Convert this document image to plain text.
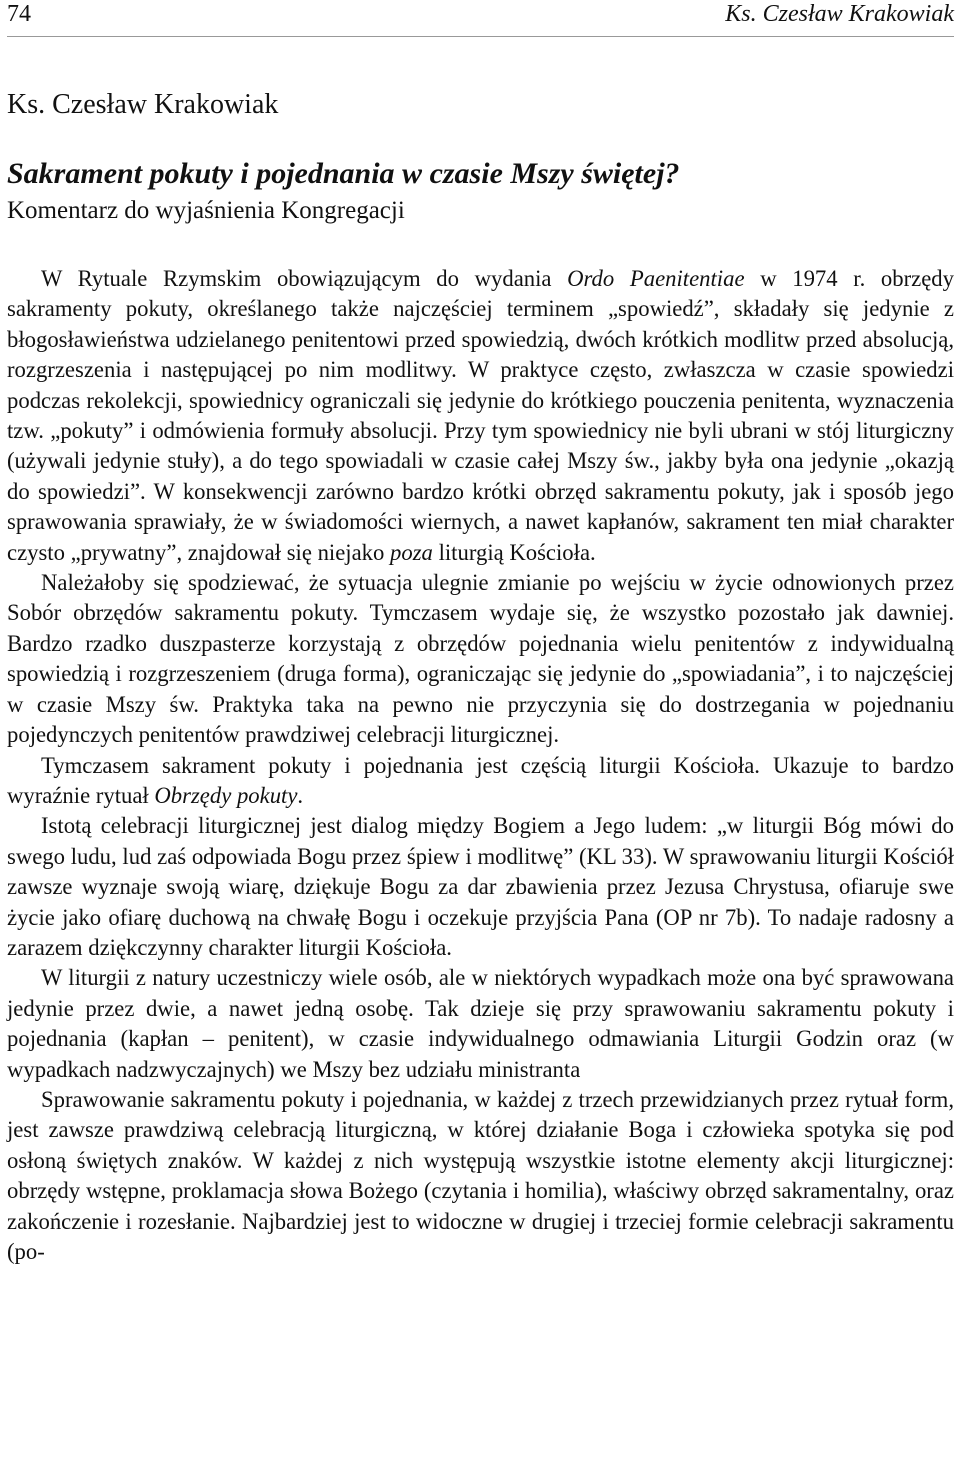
74	Ks. Czesław Krakowiak
Ks. Czesław Krakowiak
Sakrament pokuty i pojednania w czasie Mszy świętej?
Komentarz do wyjaśnienia Kongregacji

W Rytuale Rzymskim obowiązującym do wydania Ordo Paenitentiae w 1974 r. obrzędy sakramenty pokuty, określanego także najczęściej terminem „spowiedź”, składały się jedynie z błogosławieństwa udzielanego penitentowi przed spowiedzią, dwóch krótkich modlitw przed absolucją, rozgrzeszenia i następującej po nim modlitwy. W praktyce często, zwłaszcza w czasie spowiedzi podczas rekolekcji, spowiednicy ograniczali się jedynie do krótkiego pouczenia penitenta, wyznaczenia tzw. „pokuty” i odmówienia formuły absolucji. Przy tym spowiednicy nie byli ubrani w stój liturgiczny (używali jedynie stuły), a do tego spowiadali w czasie całej Mszy św., jakby była ona jedynie „okazją do spowiedzi”. W konsekwencji zarówno bardzo krótki obrzęd sakramentu pokuty, jak i sposób jego sprawowania sprawiały, że w świadomości wiernych, a nawet kapłanów, sakrament ten miał charakter czysto „prywatny”, znajdował się niejako poza liturgią Kościoła.

Należałoby się spodziewać, że sytuacja ulegnie zmianie po wejściu w życie odnowionych przez Sobór obrzędów sakramentu pokuty. Tymczasem wydaje się, że wszystko pozostało jak dawniej. Bardzo rzadko duszpasterze korzystają z obrzędów pojednania wielu penitentów z indywidualną spowiedzią i rozgrzeszeniem (druga forma), ograniczając się jedynie do „spowiadania”, i to najczęściej w czasie Mszy św. Praktyka taka na pewno nie przyczynia się do dostrzegania w pojednaniu pojedynczych penitentów prawdziwej celebracji liturgicznej.

Tymczasem sakrament pokuty i pojednania jest częścią liturgii Kościoła. Ukazuje to bardzo wyraźnie rytuał Obrzędy pokuty.

Istotą celebracji liturgicznej jest dialog między Bogiem a Jego ludem: „w liturgii Bóg mówi do swego ludu, lud zaś odpowiada Bogu przez śpiew i modlitwę” (KL 33). W sprawowaniu liturgii Kościół zawsze wyznaje swoją wiarę, dziękuje Bogu za dar zbawienia przez Jezusa Chrystusa, ofiaruje swe życie jako ofiarę duchową na chwałę Bogu i oczekuje przyjścia Pana (OP nr 7b). To nadaje radosny a zarazem dziękczynny charakter liturgii Kościoła.

W liturgii z natury uczestniczy wiele osób, ale w niektórych wypadkach może ona być sprawowana jedynie przez dwie, a nawet jedną osobę. Tak dzieje się przy sprawowaniu sakramentu pokuty i pojednania (kapłan – penitent), w czasie indywidualnego odmawiania Liturgii Godzin oraz (w wypadkach nadzwyczajnych) we Mszy bez udziału ministranta

Sprawowanie sakramentu pokuty i pojednania, w każdej z trzech przewidzianych przez rytuał form, jest zawsze prawdziwą celebracją liturgiczną, w której działanie Boga i człowieka spotyka się pod osłoną świętych znaków. W każdej z nich występują wszystkie istotne elementy akcji liturgicznej: obrzędy wstępne, proklamacja słowa Bożego (czytania i homilia), właściwy obrzęd sakramentalny, oraz zakończenie i rozesłanie. Najbardziej jest to widoczne w drugiej i trzeciej formie celebracji sakramentu (po-
